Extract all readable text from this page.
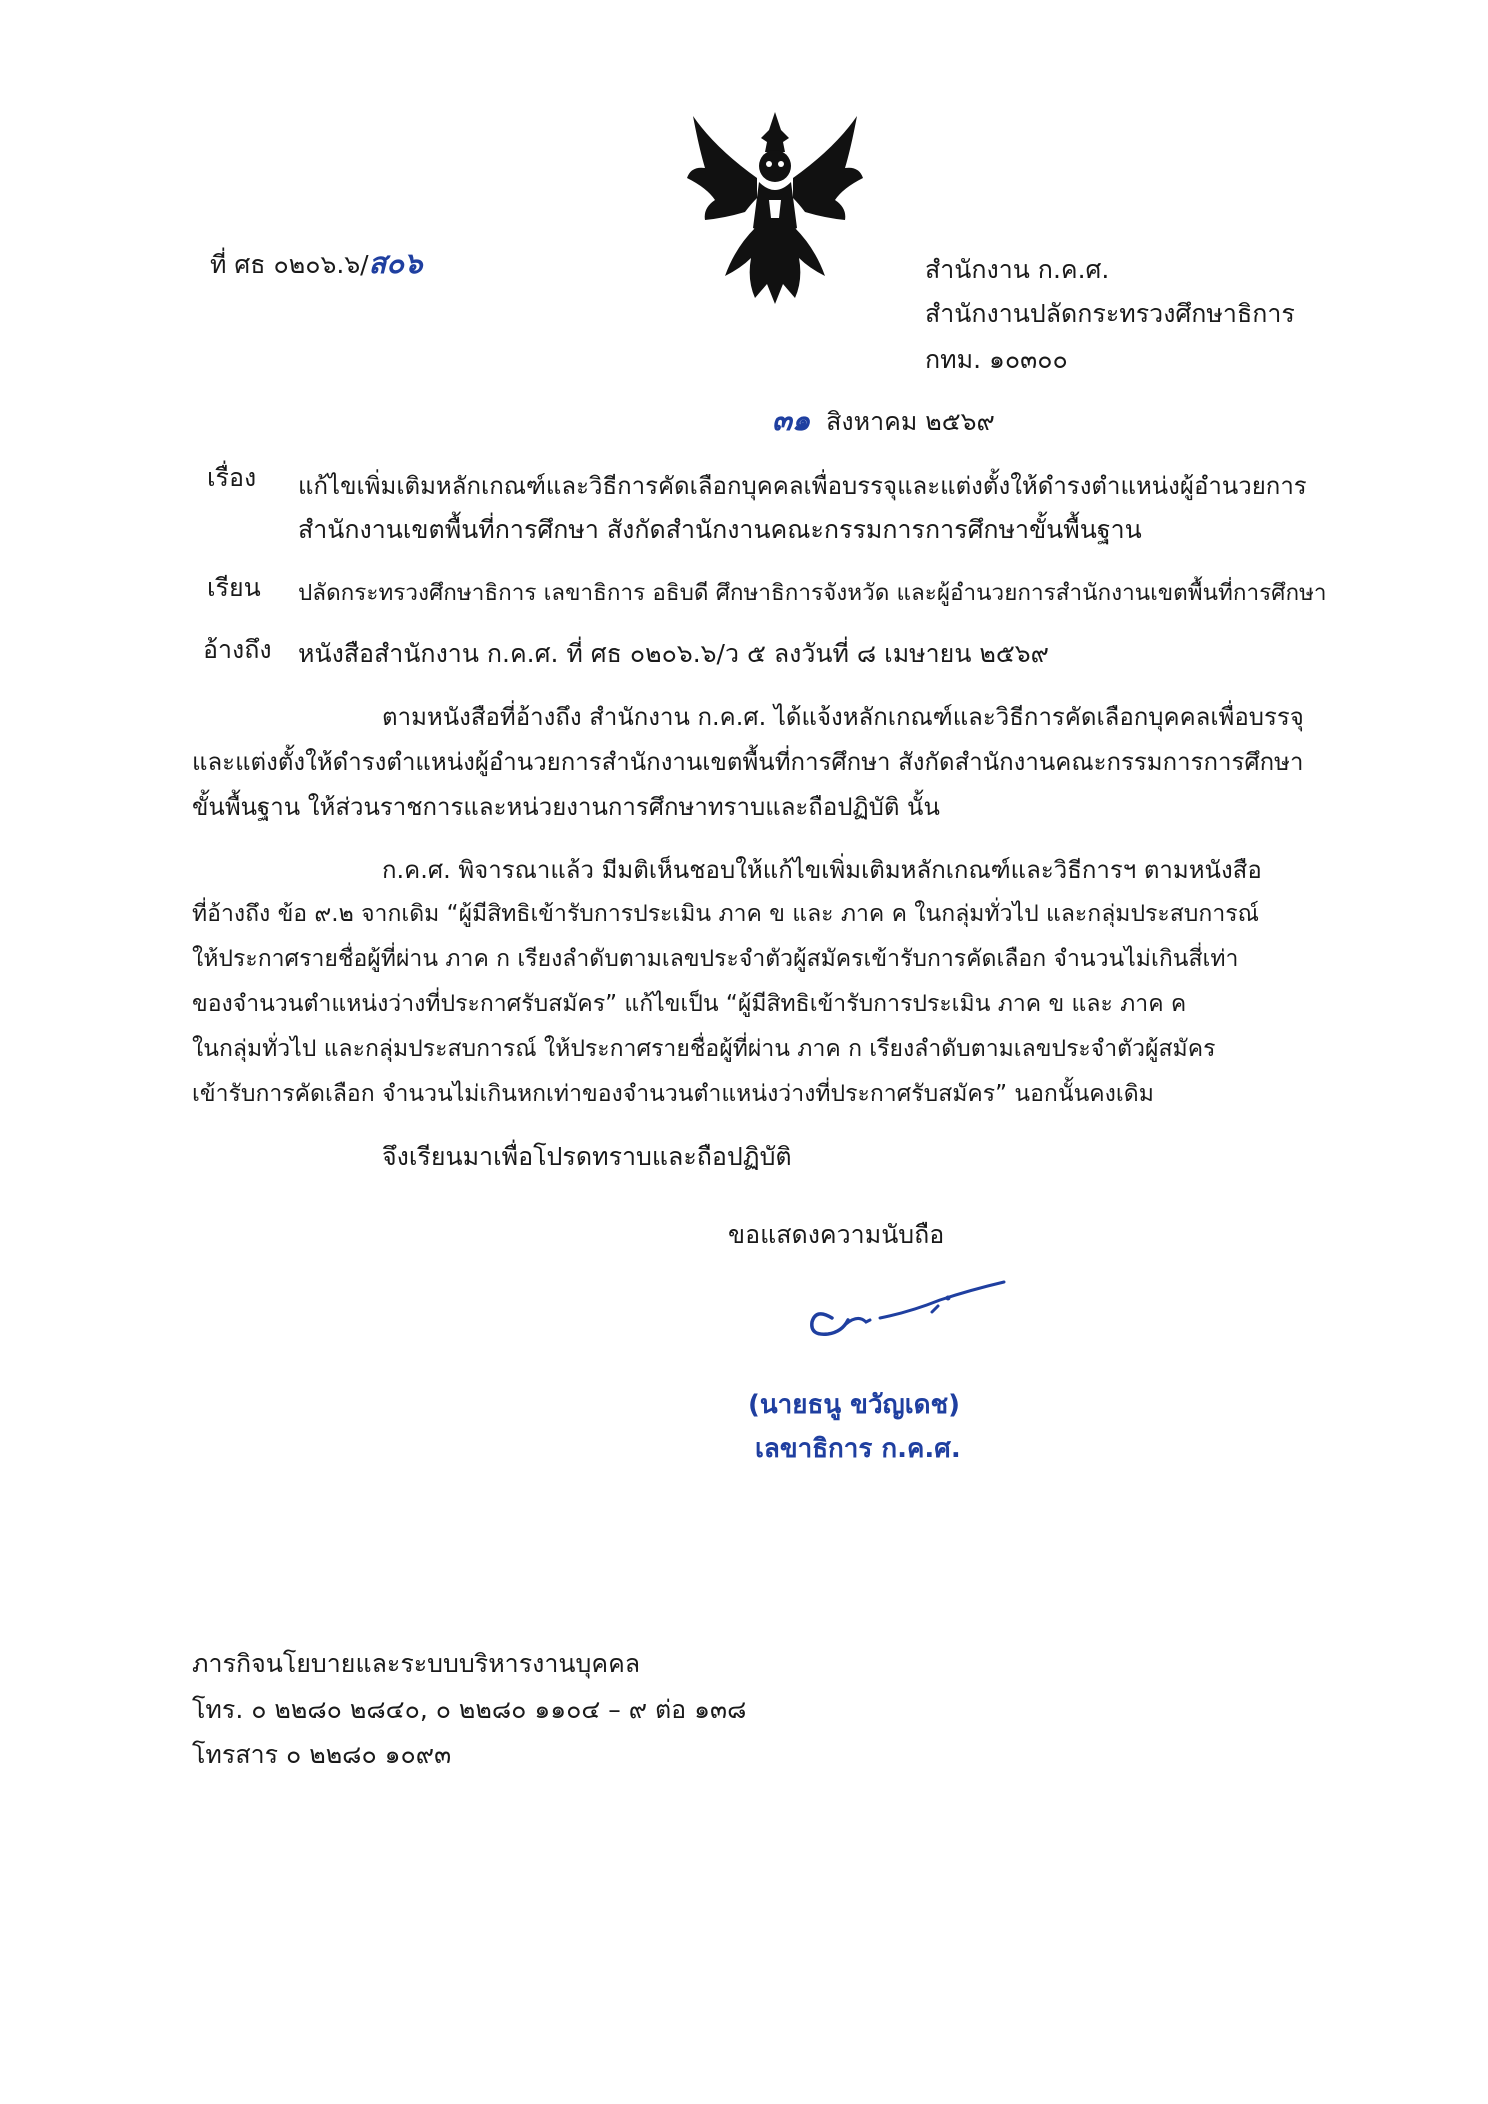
ที่ ศธ ๐๒๐๖.๖/ส๐๖	สำนักงาน ก.ค.ศ.
สำนักงานปลัดกระทรวงศึกษาธิการ
กทม. ๑๐๓๐๐
๓๑ สิงหาคม ๒๕๖๙
เรื่อง แก้ไขเพิ่มเติมหลักเกณฑ์และวิธีการคัดเลือกบุคคลเพื่อบรรจุและแต่งตั้งให้ดำรงตำแหน่งผู้อำนวยการ
สำนักงานเขตพื้นที่การศึกษา สังกัดสำนักงานคณะกรรมการการศึกษาขั้นพื้นฐาน
เรียน ปลัดกระทรวงศึกษาธิการ เลขาธิการ อธิบดี ศึกษาธิการจังหวัด และผู้อำนวยการสำนักงานเขตพื้นที่การศึกษา
อ้างถึง หนังสือสำนักงาน ก.ค.ศ. ที่ ศธ ๐๒๐๖.๖/ว ๕ ลงวันที่ ๘ เมษายน ๒๕๖๙
ตามหนังสือที่อ้างถึง สำนักงาน ก.ค.ศ. ได้แจ้งหลักเกณฑ์และวิธีการคัดเลือกบุคคลเพื่อบรรจุ
และแต่งตั้งให้ดำรงตำแหน่งผู้อำนวยการสำนักงานเขตพื้นที่การศึกษา สังกัดสำนักงานคณะกรรมการการศึกษา
ขั้นพื้นฐาน ให้ส่วนราชการและหน่วยงานการศึกษาทราบและถือปฏิบัติ นั้น
ก.ค.ศ. พิจารณาแล้ว มีมติเห็นชอบให้แก้ไขเพิ่มเติมหลักเกณฑ์และวิธีการฯ ตามหนังสือ
ที่อ้างถึง ข้อ ๙.๒ จากเดิม “ผู้มีสิทธิเข้ารับการประเมิน ภาค ข และ ภาค ค ในกลุ่มทั่วไป และกลุ่มประสบการณ์
ให้ประกาศรายชื่อผู้ที่ผ่าน ภาค ก เรียงลำดับตามเลขประจำตัวผู้สมัครเข้ารับการคัดเลือก จำนวนไม่เกินสี่เท่า
ของจำนวนตำแหน่งว่างที่ประกาศรับสมัคร” แก้ไขเป็น “ผู้มีสิทธิเข้ารับการประเมิน ภาค ข และ ภาค ค
ในกลุ่มทั่วไป และกลุ่มประสบการณ์ ให้ประกาศรายชื่อผู้ที่ผ่าน ภาค ก เรียงลำดับตามเลขประจำตัวผู้สมัคร
เข้ารับการคัดเลือก จำนวนไม่เกินหกเท่าของจำนวนตำแหน่งว่างที่ประกาศรับสมัคร” นอกนั้นคงเดิม
จึงเรียนมาเพื่อโปรดทราบและถือปฏิบัติ
ขอแสดงความนับถือ
(นายธนู ขวัญเดช)
เลขาธิการ ก.ค.ศ.
ภารกิจนโยบายและระบบบริหารงานบุคคล
โทร. ๐ ๒๒๘๐ ๒๘๔๐, ๐ ๒๒๘๐ ๑๑๐๔ – ๙ ต่อ ๑๓๘
โทรสาร ๐ ๒๒๘๐ ๑๐๙๓
